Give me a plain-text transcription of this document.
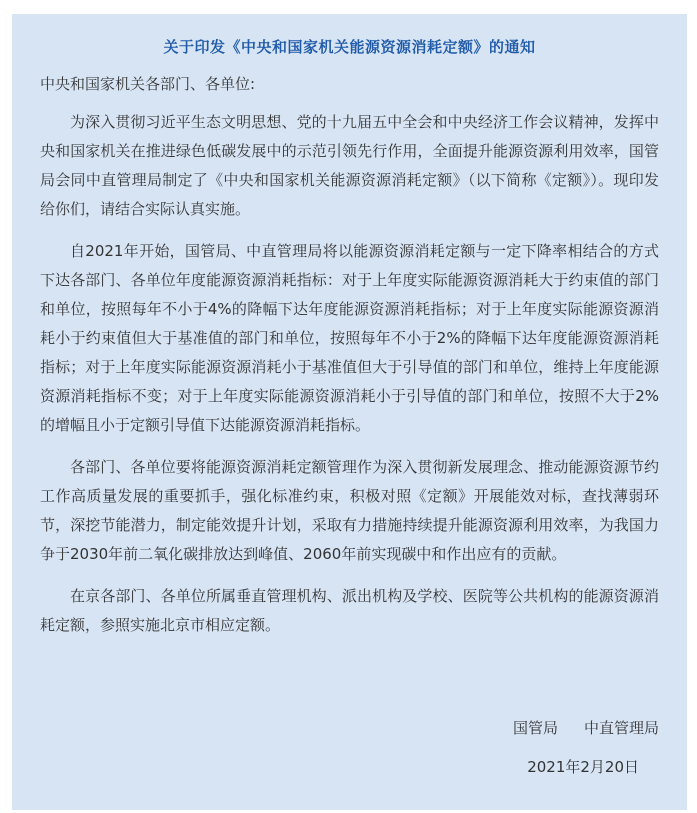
关于印发《中央和国家机关能源资源消耗定额》的通知
中央和国家机关各部门、各单位:

为深入贯彻习近平生态文明思想、党的十九届五中全会和中央经济工作会议精神，发挥中央和国家机关在推进绿色低碳发展中的示范引领先行作用，全面提升能源资源利用效率，国管局会同中直管理局制定了《中央和国家机关能源资源消耗定额》（以下简称《定额》）。现印发给你们，请结合实际认真实施。

自2021年开始，国管局、中直管理局将以能源资源消耗定额与一定下降率相结合的方式下达各部门、各单位年度能源资源消耗指标：对于上年度实际能源资源消耗大于约束值的部门和单位，按照每年不小于4%的降幅下达年度能源资源消耗指标；对于上年度实际能源资源消耗小于约束值但大于基准值的部门和单位，按照每年不小于2%的降幅下达年度能源资源消耗指标；对于上年度实际能源资源消耗小于基准值但大于引导值的部门和单位，维持上年度能源资源消耗指标不变；对于上年度实际能源资源消耗小于引导值的部门和单位，按照不大于2%的增幅且小于定额引导值下达能源资源消耗指标。

各部门、各单位要将能源资源消耗定额管理作为深入贯彻新发展理念、推动能源资源节约工作高质量发展的重要抓手，强化标准约束，积极对照《定额》开展能效对标，查找薄弱环节，深挖节能潜力，制定能效提升计划，采取有力措施持续提升能源资源利用效率，为我国力争于2030年前二氧化碳排放达到峰值、2060年前实现碳中和作出应有的贡献。

在京各部门、各单位所属垂直管理机构、派出机构及学校、医院等公共机构的能源资源消耗定额，参照实施北京市相应定额。

国管局 中直管理局
2021年2月20日
